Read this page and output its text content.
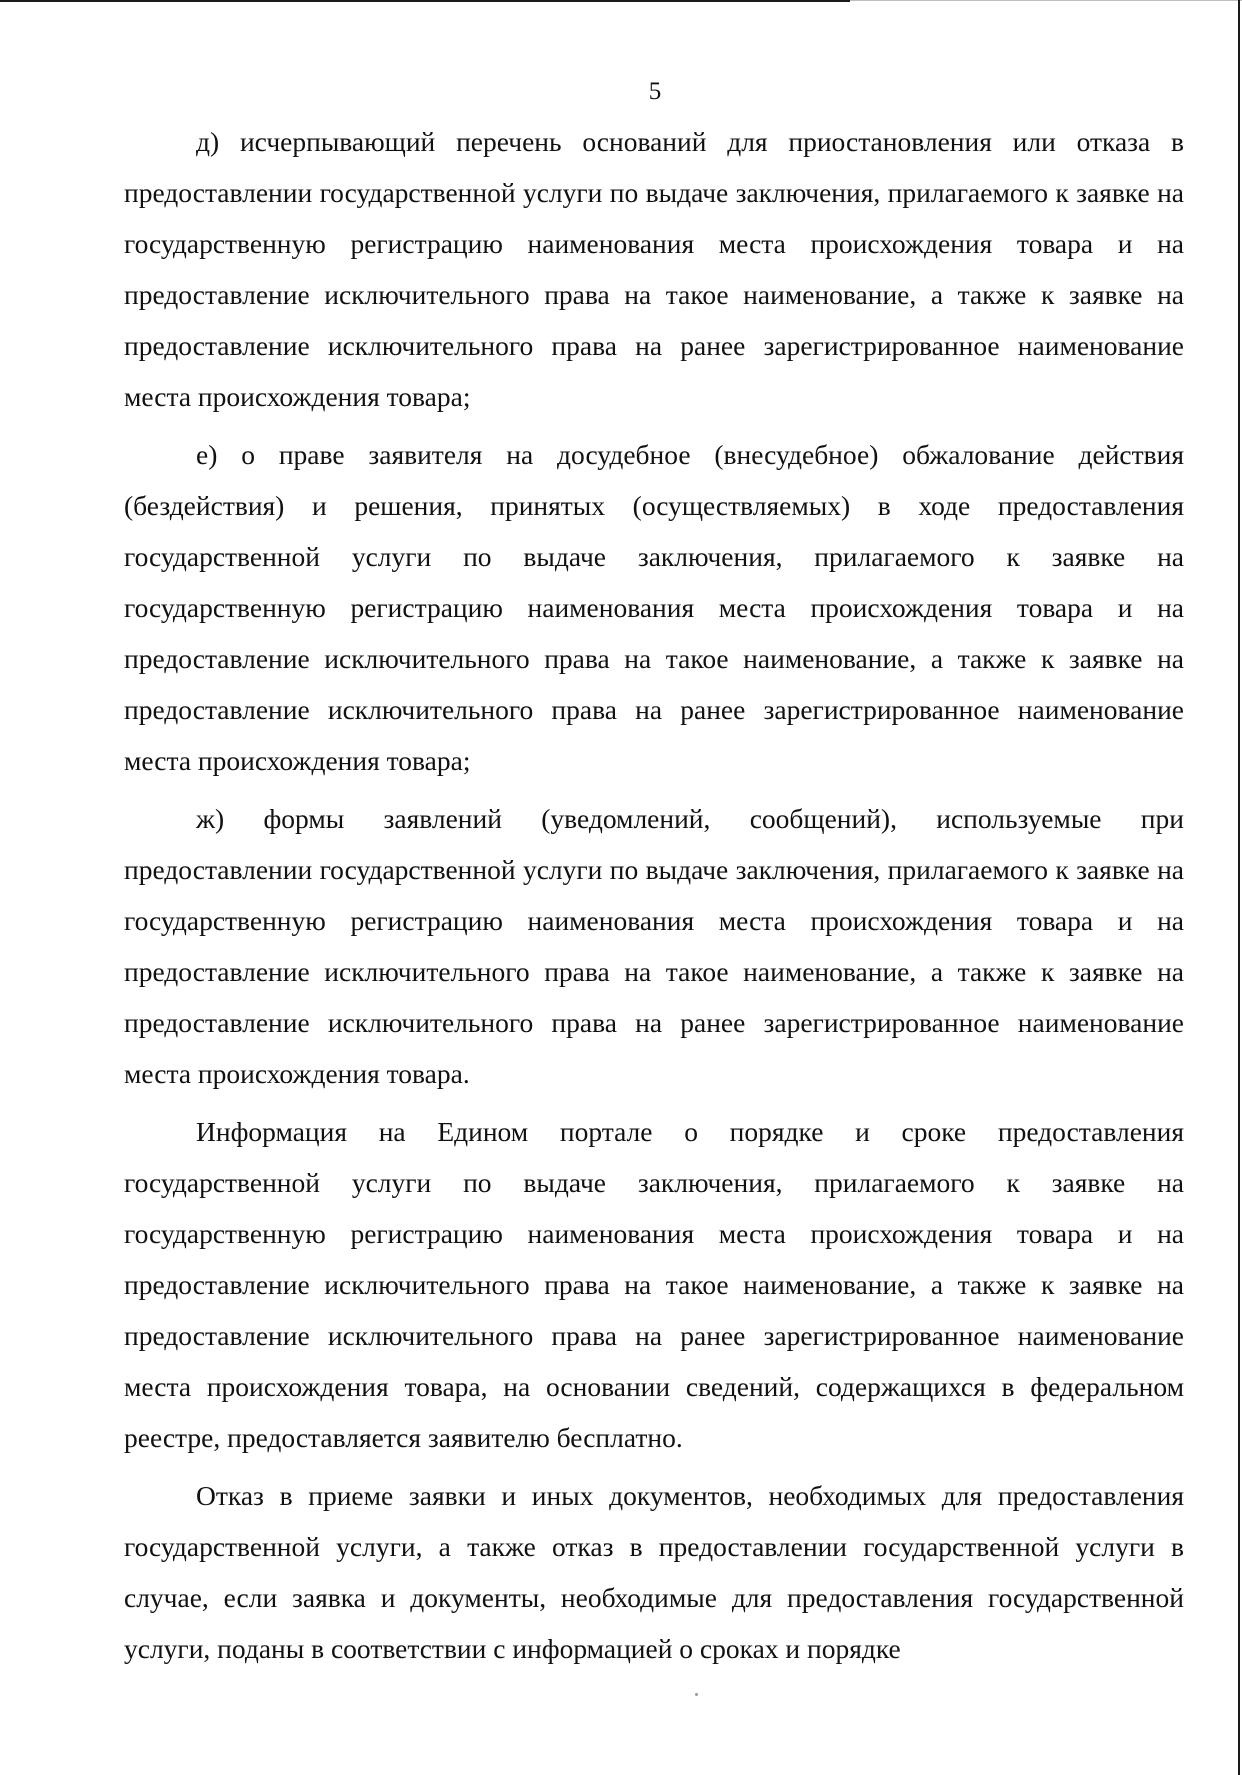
5

д) исчерпывающий перечень оснований для приостановления или отказа в предоставлении государственной услуги по выдаче заключения, прилагаемого к заявке на государственную регистрацию наименования места происхождения товара и на предоставление исключительного права на такое наименование, а также к заявке на предоставление исключительного права на ранее зарегистрированное наименование места происхождения товара;

е) о праве заявителя на досудебное (внесудебное) обжалование действия (бездействия) и решения, принятых (осуществляемых) в ходе предоставления государственной услуги по выдаче заключения, прилагаемого к заявке на государственную регистрацию наименования места происхождения товара и на предоставление исключительного права на такое наименование, а также к заявке на предоставление исключительного права на ранее зарегистрированное наименование места происхождения товара;

ж) формы заявлений (уведомлений, сообщений), используемые при предоставлении государственной услуги по выдаче заключения, прилагаемого к заявке на государственную регистрацию наименования места происхождения товара и на предоставление исключительного права на такое наименование, а также к заявке на предоставление исключительного права на ранее зарегистрированное наименование места происхождения товара.

Информация на Едином портале о порядке и сроке предоставления государственной услуги по выдаче заключения, прилагаемого к заявке на государственную регистрацию наименования места происхождения товара и на предоставление исключительного права на такое наименование, а также к заявке на предоставление исключительного права на ранее зарегистрированное наименование места происхождения товара, на основании сведений, содержащихся в федеральном реестре, предоставляется заявителю бесплатно.

Отказ в приеме заявки и иных документов, необходимых для предоставления государственной услуги, а также отказ в предоставлении государственной услуги в случае, если заявка и документы, необходимые для предоставления государственной услуги, поданы в соответствии с информацией о сроках и порядке
